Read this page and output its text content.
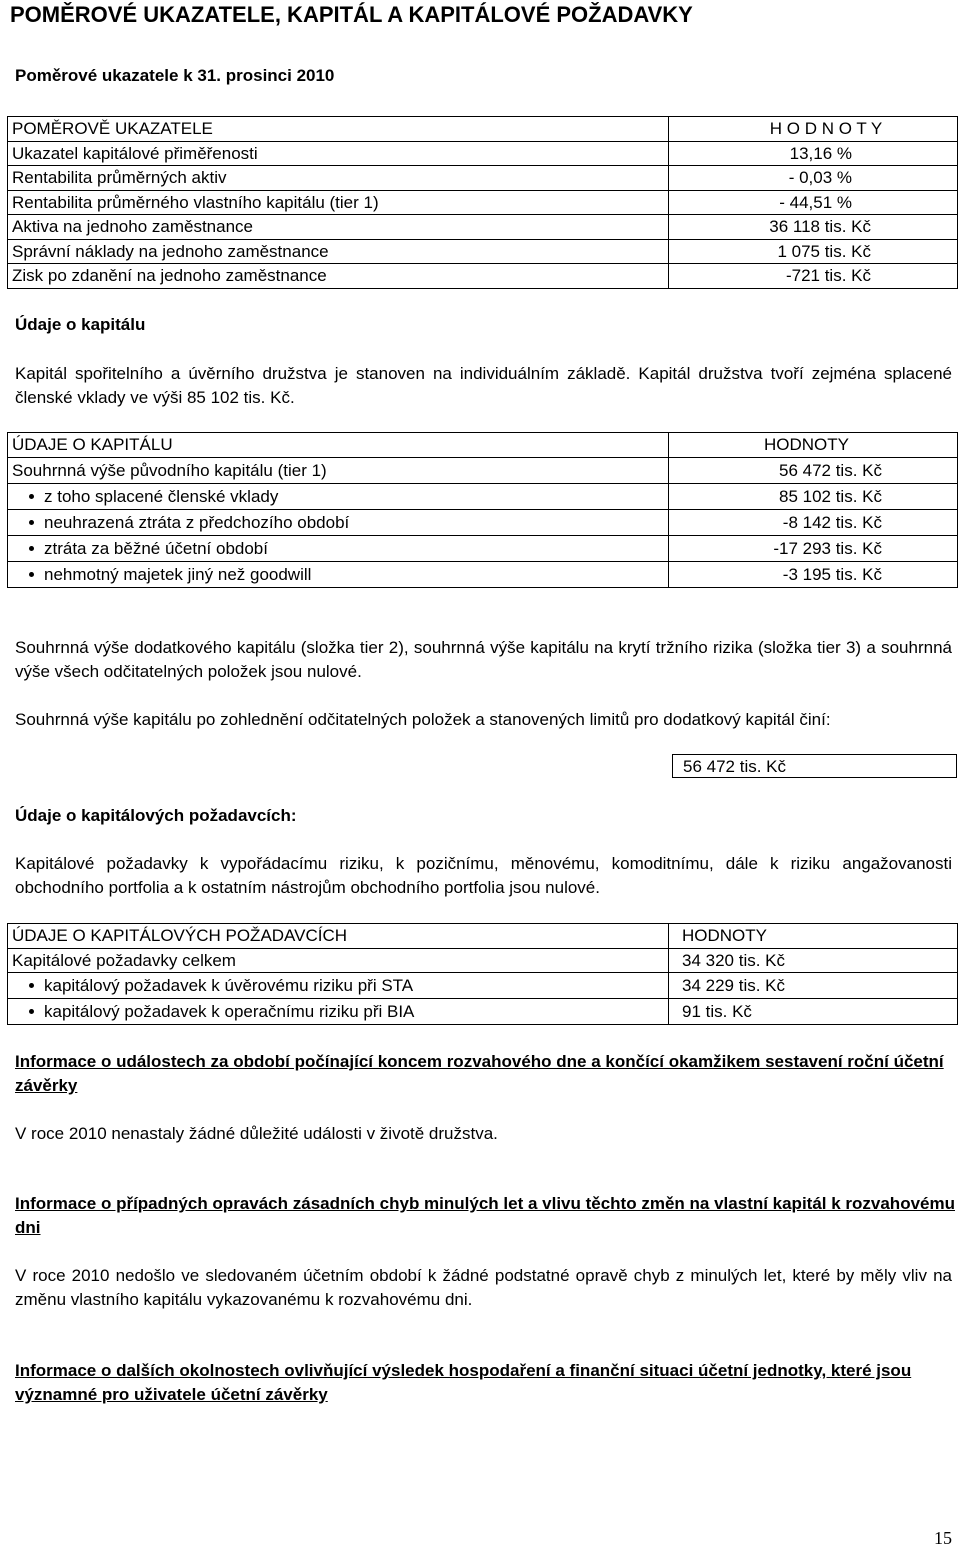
POMĚROVÉ UKAZATELE, KAPITÁL A KAPITÁLOVÉ POŽADAVKY
Poměrové ukazatele k 31. prosinci 2010
POMĚROVĚ UKAZATELE	H O D N O T Y
Ukazatel kapitálové přiměřenosti	13,16 %
Rentabilita průměrných aktiv	- 0,03 %
Rentabilita průměrného vlastního kapitálu (tier 1)	- 44,51 %
Aktiva na jednoho zaměstnance	36 118 tis. Kč
Správní náklady na jednoho zaměstnance	1 075 tis. Kč
Zisk po zdanění na jednoho zaměstnance	-721 tis. Kč
Údaje o kapitálu
Kapitál spořitelního a úvěrního družstva je stanoven na individuálním základě. Kapitál družstva tvoří zejména splacené členské vklady ve výši 85 102 tis. Kč.
ÚDAJE O KAPITÁLU	HODNOTY
Souhrnná výše původního kapitálu (tier 1)	56 472 tis. Kč
z toho splacené členské vklady	85 102 tis. Kč
neuhrazená ztráta z předchozího období	-8 142 tis. Kč
ztráta za běžné účetní období	-17 293 tis. Kč
nehmotný majetek jiný než goodwill	-3 195 tis. Kč
Souhrnná výše dodatkového kapitálu (složka tier 2), souhrnná výše kapitálu na krytí tržního rizika (složka tier 3) a souhrnná výše všech odčitatelných položek jsou nulové.
Souhrnná výše kapitálu po zohlednění odčitatelných položek a stanovených limitů pro dodatkový kapitál činí:
56 472 tis. Kč
Údaje o kapitálových požadavcích:
Kapitálové požadavky k vypořádacímu riziku, k pozičnímu, měnovému, komoditnímu, dále k riziku angažovanosti obchodního portfolia a k ostatním nástrojům obchodního portfolia jsou nulové.
ÚDAJE O KAPITÁLOVÝCH POŽADAVCÍCH	HODNOTY
Kapitálové požadavky celkem	34 320 tis. Kč
kapitálový požadavek k úvěrovému riziku při STA	34 229 tis. Kč
kapitálový požadavek k operačnímu riziku při BIA	91 tis. Kč
Informace o událostech za období počínající koncem rozvahového dne a končící okamžikem sestavení roční účetní závěrky
V roce 2010 nenastaly žádné důležité události v životě družstva.
Informace o případných opravách zásadních chyb minulých let a vlivu těchto změn na vlastní kapitál k rozvahovému dni
V roce 2010 nedošlo ve sledovaném účetním období k žádné podstatné opravě chyb z minulých let, které by měly vliv na změnu vlastního kapitálu vykazovanému k rozvahovému dni.
Informace o dalších okolnostech ovlivňující výsledek hospodaření a finanční situaci účetní jednotky, které jsou významné pro uživatele účetní závěrky
15
